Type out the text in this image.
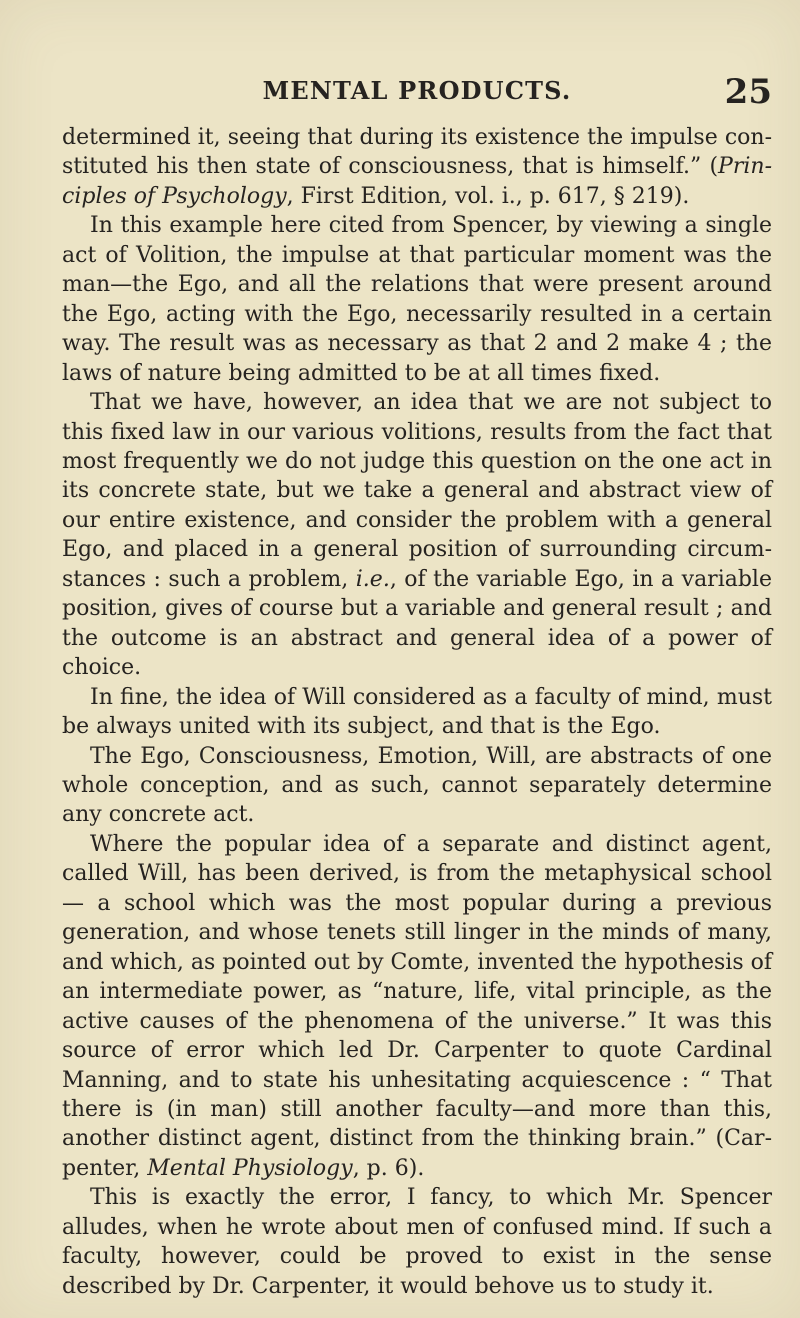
MENTAL PRODUCTS.	25

determined it, seeing that during its existence the impulse constituted his then state of consciousness, that is himself.” (Principles of Psychology, First Edition, vol. i., p. 617, § 219).

In this example here cited from Spencer, by viewing a single act of Volition, the impulse at that particular moment was the man—the Ego, and all the relations that were present around the Ego, acting with the Ego, necessarily resulted in a certain way. The result was as necessary as that 2 and 2 make 4 ; the laws of nature being admitted to be at all times fixed.

That we have, however, an idea that we are not subject to this fixed law in our various volitions, results from the fact that most frequently we do not judge this question on the one act in its concrete state, but we take a general and abstract view of our entire existence, and consider the problem with a general Ego, and placed in a general position of surrounding circumstances : such a problem, i.e., of the variable Ego, in a variable position, gives of course but a variable and general result ; and the outcome is an abstract and general idea of a power of choice.

In fine, the idea of Will considered as a faculty of mind, must be always united with its subject, and that is the Ego.

The Ego, Consciousness, Emotion, Will, are abstracts of one whole conception, and as such, cannot separately determine any concrete act.

Where the popular idea of a separate and distinct agent, called Will, has been derived, is from the metaphysical school— a school which was the most popular during a previous generation, and whose tenets still linger in the minds of many, and which, as pointed out by Comte, invented the hypothesis of an intermediate power, as “nature, life, vital principle, as the active causes of the phenomena of the universe.” It was this source of error which led Dr. Carpenter to quote Cardinal Manning, and to state his unhesitating acquiescence : “ That there is (in man) still another faculty—and more than this, another distinct agent, distinct from the thinking brain.” (Carpenter, Mental Physiology, p. 6).

This is exactly the error, I fancy, to which Mr. Spencer alludes, when he wrote about men of confused mind. If such a faculty, however, could be proved to exist in the sense described by Dr. Carpenter, it would behove us to study it.
